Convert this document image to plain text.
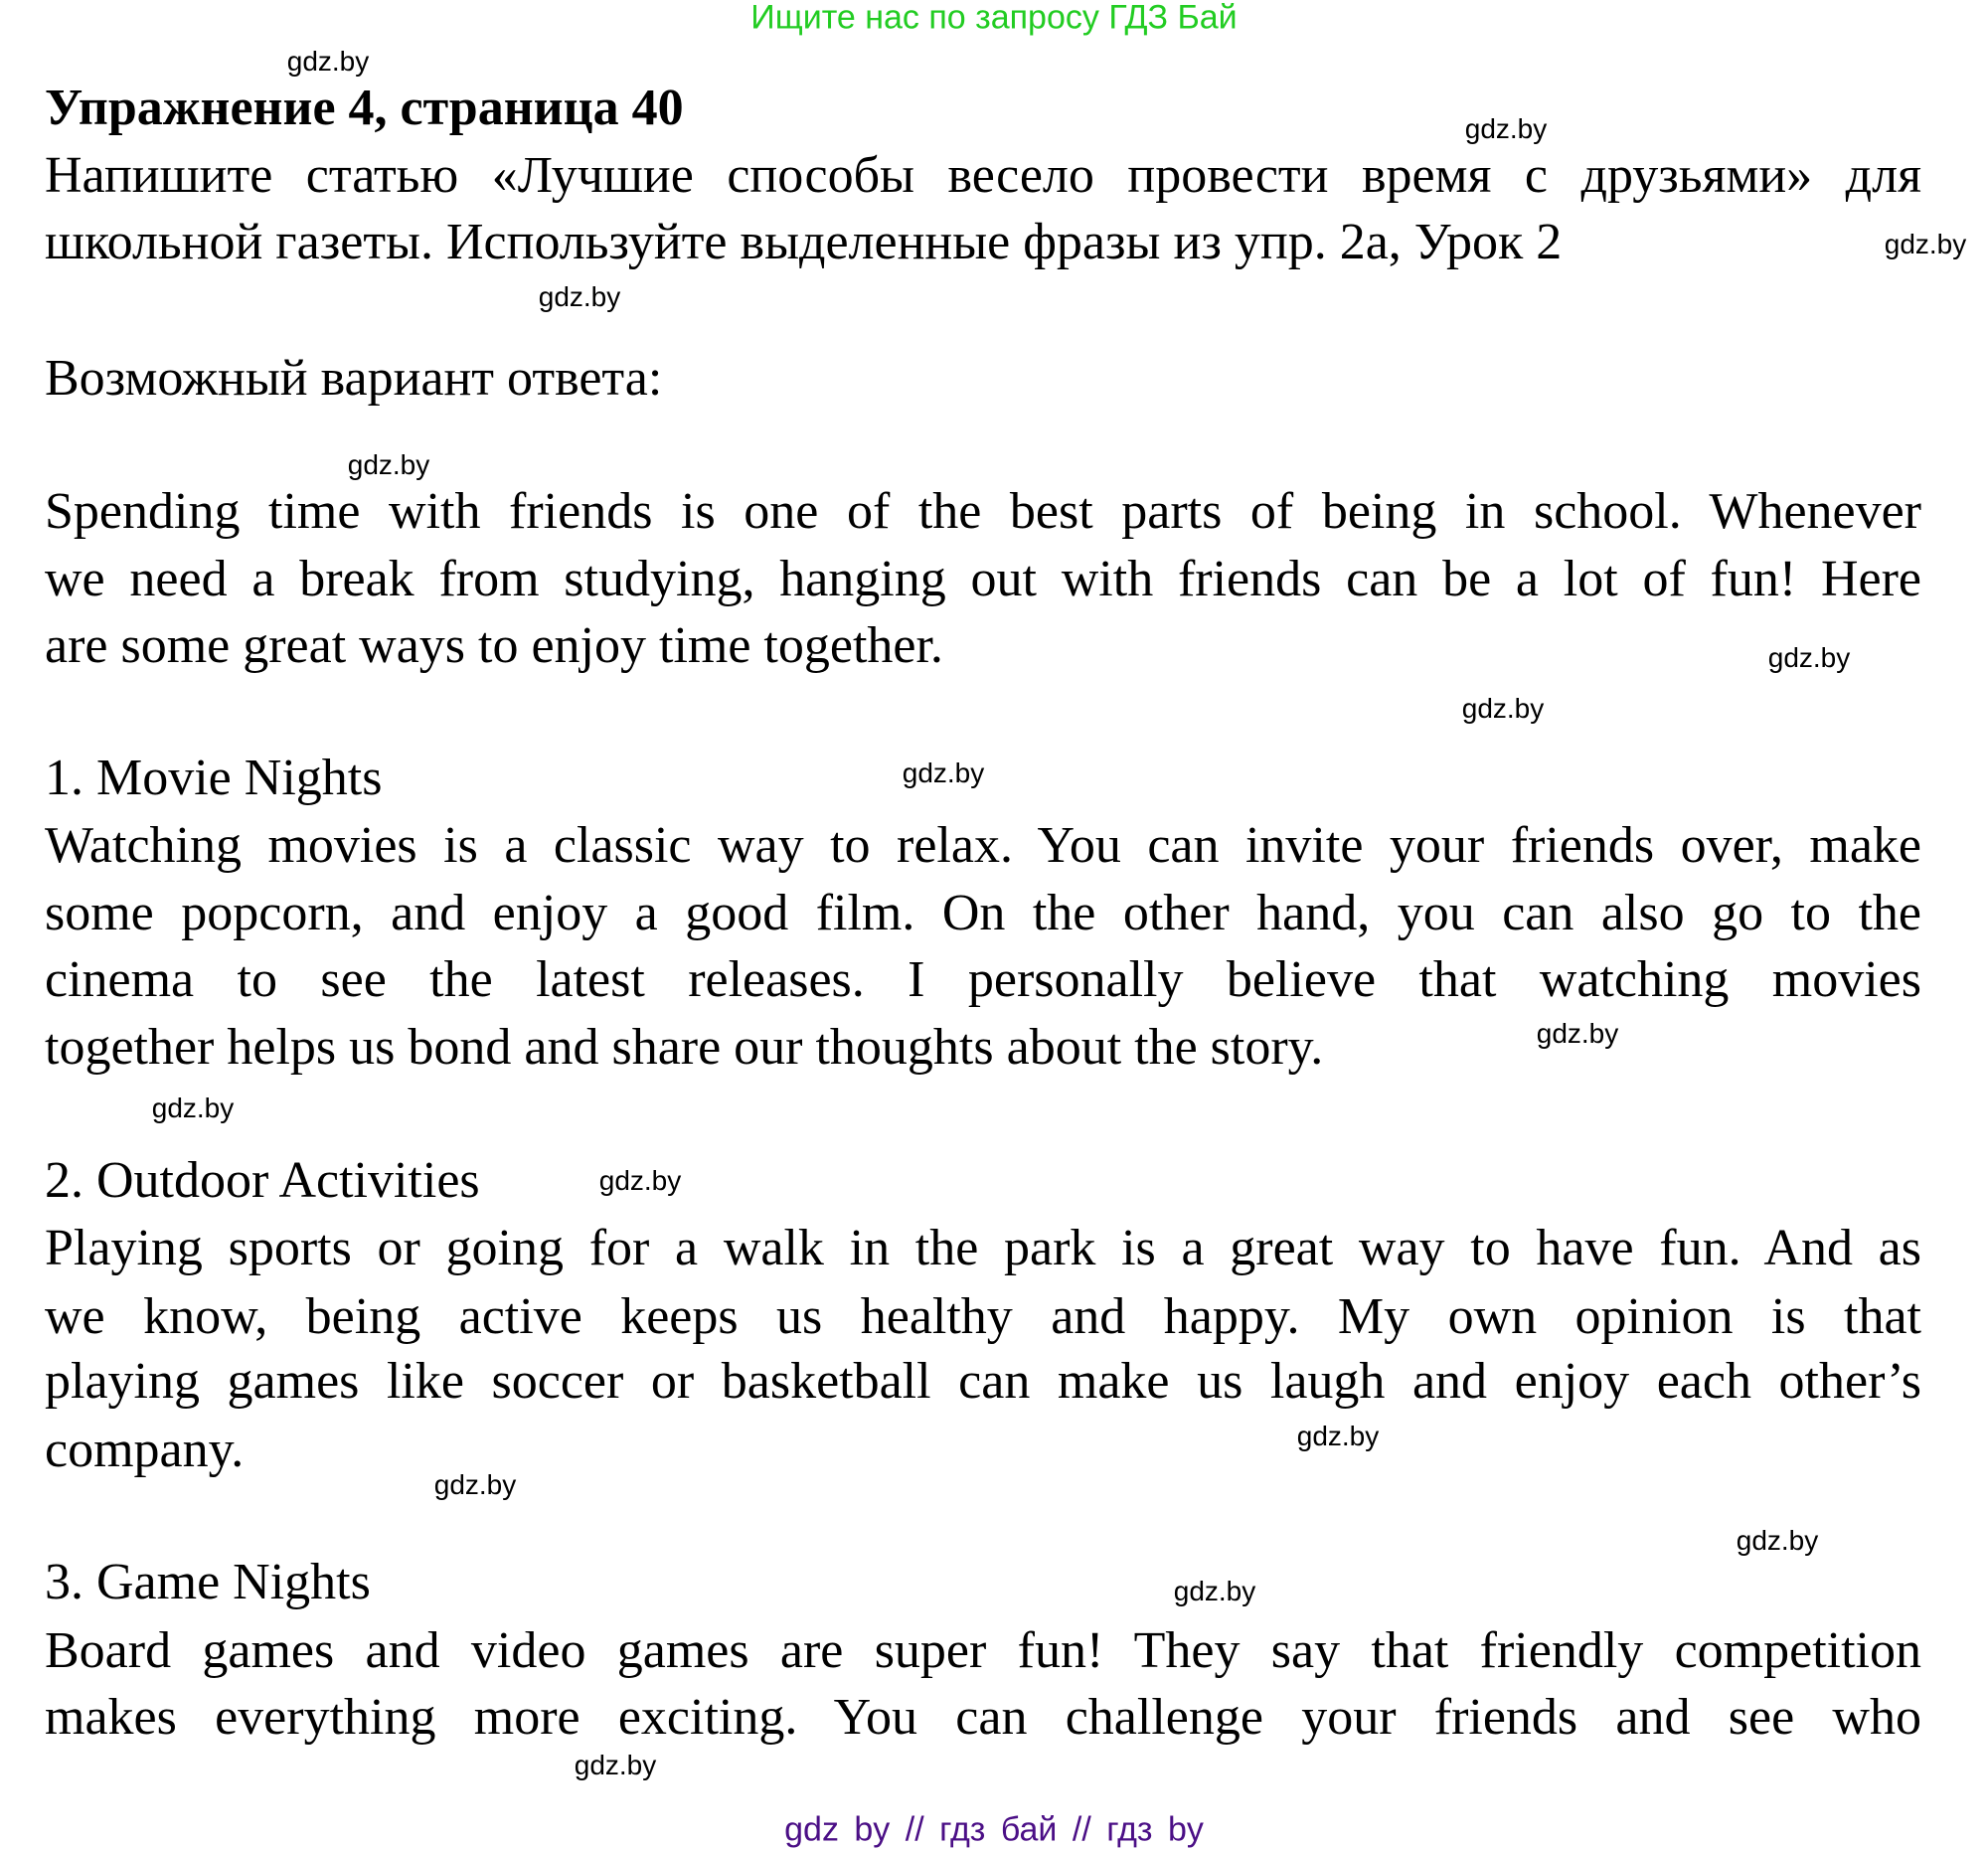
Ищите нас по запросу ГДЗ Бай
Упражнение 4, страница 40
Напишите статью «Лучшие способы весело провести время с друзьями» для
школьной газеты. Используйте выделенные фразы из упр. 2а, Урок 2
Возможный вариант ответа:
Spending time with friends is one of the best parts of being in school. Whenever
we need a break from studying, hanging out with friends can be a lot of fun! Here
are some great ways to enjoy time together.
1. Movie Nights
Watching movies is a classic way to relax. You can invite your friends over, make
some popcorn, and enjoy a good film. On the other hand, you can also go to the
cinema to see the latest releases. I personally believe that watching movies
together helps us bond and share our thoughts about the story.
2. Outdoor Activities
Playing sports or going for a walk in the park is a great way to have fun. And as
we know, being active keeps us healthy and happy. My own opinion is that
playing games like soccer or basketball can make us laugh and enjoy each other’s
company.
3. Game Nights
Board games and video games are super fun! They say that friendly competition
makes everything more exciting. You can challenge your friends and see who
gdz.by
gdz.by
gdz.by
gdz.by
gdz.by
gdz.by
gdz.by
gdz.by
gdz.by
gdz.by
gdz.by
gdz.by
gdz.by
gdz.by
gdz.by
gdz.by
gdz by // гдз бай // гдз by
